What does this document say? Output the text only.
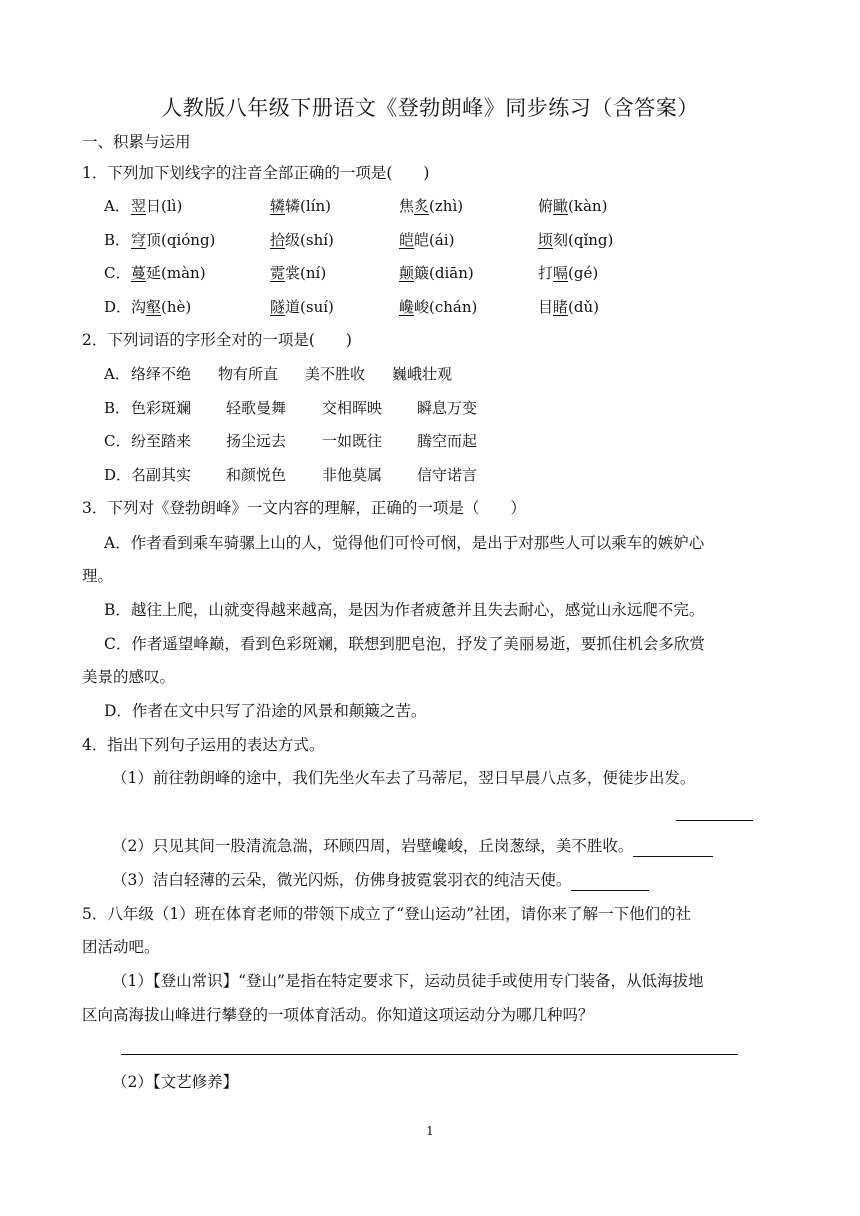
人教版八年级下册语文《登勃朗峰》同步练习（含答案）
一、积累与运用
1．下列加下划线字的注音全部正确的一项是(　　)
A． 翌日(lì)	辚辚(lín)	焦炙(zhì)	俯瞰(kàn)
B． 穹顶(qióng)	拾级(shí)	皑皑(ái)	顷刻(qǐng)
C． 蔓延(màn)	霓裳(ní)	颠簸(diān)	打嗝(gé)
D． 沟壑(hè)	隧道(suí)	巉峻(chán)	目睹(dǔ)
2．下列词语的字形全对的一项是(　　)
A． 络绎不绝 物有所直 美不胜收 巍峨壮观
B． 色彩斑斓 轻歌曼舞 交相晖映 瞬息万变
C． 纷至踏来 扬尘远去 一如既往 腾空而起
D． 名副其实 和颜悦色 非他莫属 信守诺言
3．下列对《登勃朗峰》一文内容的理解，正确的一项是（　　）
A．作者看到乘车骑骡上山的人，觉得他们可怜可悯，是出于对那些人可以乘车的嫉妒心
理。
B．越往上爬，山就变得越来越高，是因为作者疲惫并且失去耐心，感觉山永远爬不完。
C．作者遥望峰巅，看到色彩斑斓，联想到肥皂泡，抒发了美丽易逝，要抓住机会多欣赏
美景的感叹。
D．作者在文中只写了沿途的风景和颠簸之苦。
4．指出下列句子运用的表达方式。
（1）前往勃朗峰的途中，我们先坐火车去了马蒂尼，翌日早晨八点多，便徒步出发。
（2）只见其间一股清流急湍，环顾四周，岩壁巉峻，丘岗葱绿，美不胜收。
（3）洁白轻薄的云朵，微光闪烁，仿佛身披霓裳羽衣的纯洁天使。
5．八年级（1）班在体育老师的带领下成立了“登山运动”社团，请你来了解一下他们的社
团活动吧。
（1）【登山常识】“登山”是指在特定要求下，运动员徒手或使用专门装备，从低海拔地
区向高海拔山峰进行攀登的一项体育活动。你知道这项运动分为哪几种吗？
（2）【文艺修养】
1
